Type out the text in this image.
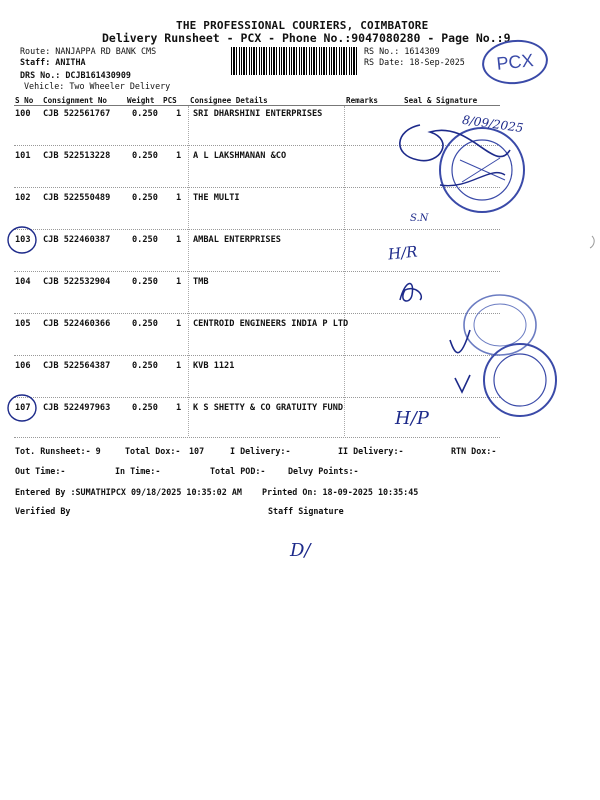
THE PROFESSIONAL COURIERS, COIMBATORE
Delivery Runsheet - PCX - Phone No.:9047080280 - Page No.:9
Route: NANJAPPA RD BANK CMS
Staff: ANITHA
DRS No.: DCJB161430909
Vehicle: Two Wheeler Delivery
RS No.: 1614309
RS Date: 18-Sep-2025	PCX
S No Consignment No	Weight PCS Consignee Details	Remarks	Seal & Signature
100 CJB 522561767	0.250 1 SRI DHARSHINI ENTERPRISES
101 CJB 522513228	0.250 1 A L LAKSHMANAN &CO
102 CJB 522550489	0.250 1 THE MULTI
103 CJB 522460387	0.250 1 AMBAL ENTERPRISES
104 CJB 522532904	0.250 1 TMB
105 CJB 522460366	0.250 1 CENTROID ENGINEERS INDIA P LTD
106 CJB 522564387	0.250 1 KVB 1121
107 CJB 522497963	0.250 1 K S SHETTY & CO GRATUITY FUND
8/09/2025
S.N
H/R
H/P
D/
Tot. Runsheet:- 9	Total Dox:- 107	I Delivery:-	II Delivery:-	RTN Dox:-
Out Time:-	In Time:-	Total POD:-	Delvy Points:-
Entered By :SUMATHIPCX 09/18/2025 10:35:02 AM Printed On: 18-09-2025 10:35:45
Verified By	Staff Signature
